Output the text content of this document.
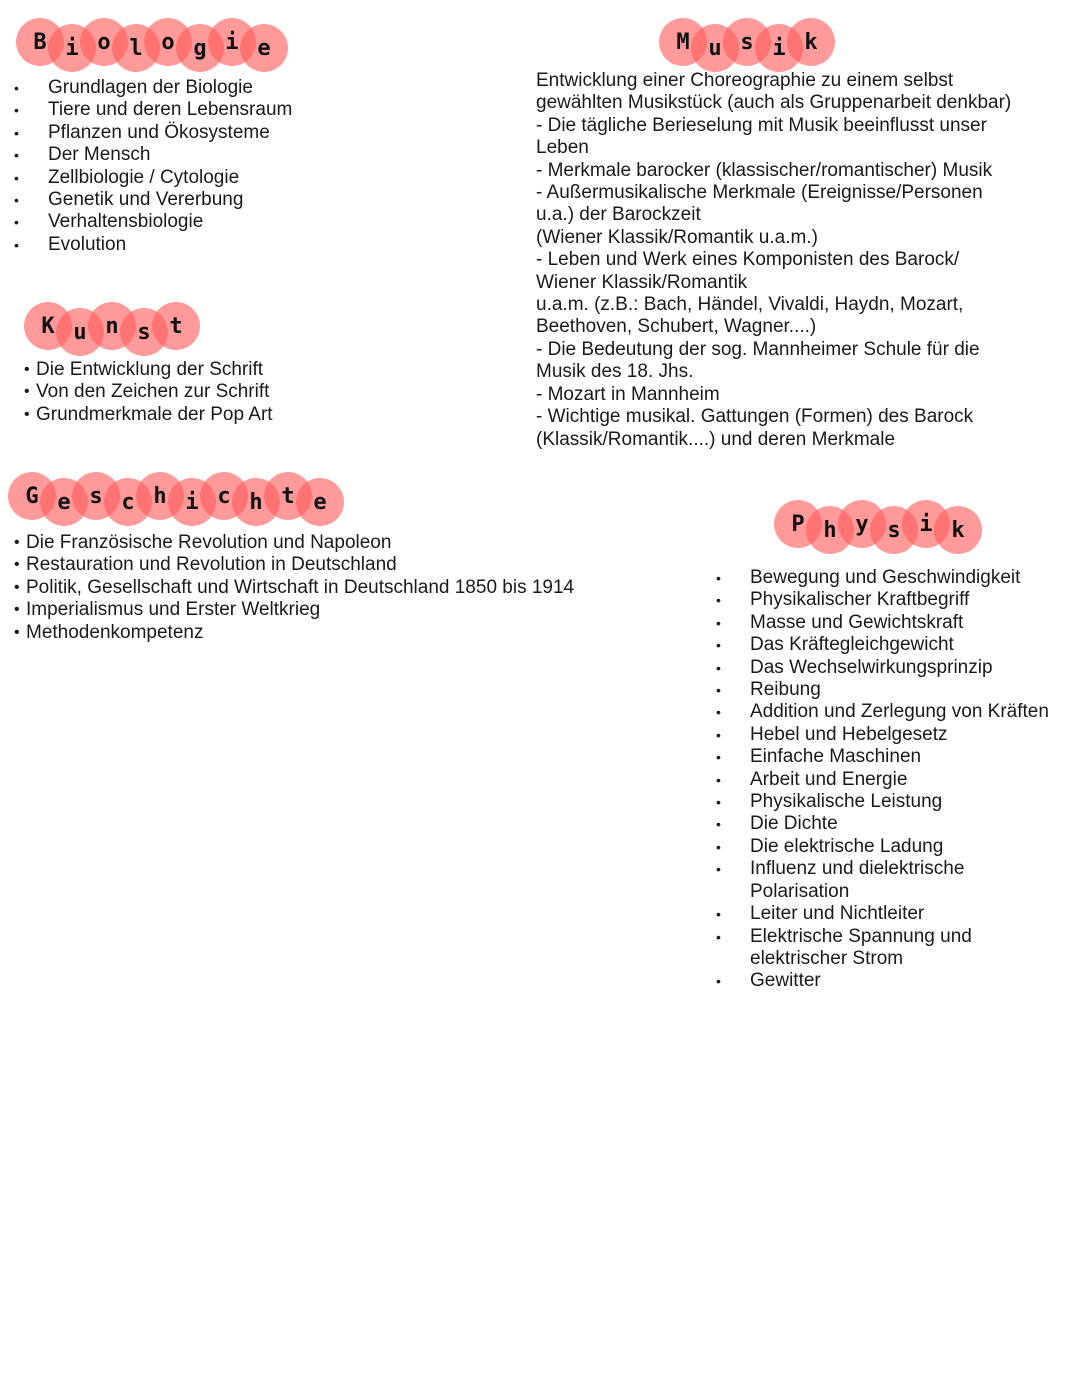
B i o l o g i e
K u n s t
G e s c h i c h t e
M u s i k
P h y s i k
• Grundlagen der Biologie
• Tiere und deren Lebensraum
• Pflanzen und Ökosysteme
• Der Mensch
• Zellbiologie / Cytologie
• Genetik und Vererbung
• Verhaltensbiologie
• Evolution
• Die Entwicklung der Schrift
• Von den Zeichen zur Schrift
• Grundmerkmale der Pop Art
• Die Französische Revolution und Napoleon
• Restauration und Revolution in Deutschland
• Politik, Gesellschaft und Wirtschaft in Deutschland 1850 bis 1914
• Imperialismus und Erster Weltkrieg
• Methodenkompetenz

Entwicklung einer Choreographie zu einem selbst

gewählten Musikstück (auch als Gruppenarbeit denkbar)

- Die tägliche Berieselung mit Musik beeinflusst unser

Leben

- Merkmale barocker (klassischer/romantischer) Musik

- Außermusikalische Merkmale (Ereignisse/Personen

u.a.) der Barockzeit

(Wiener Klassik/Romantik u.a.m.)

- Leben und Werk eines Komponisten des Barock/

Wiener Klassik/Romantik

u.a.m. (z.B.: Bach, Händel, Vivaldi, Haydn, Mozart,

Beethoven, Schubert, Wagner....)

- Die Bedeutung der sog. Mannheimer Schule für die

Musik des 18. Jhs.

- Mozart in Mannheim

- Wichtige musikal. Gattungen (Formen) des Barock

(Klassik/Romantik....) und deren Merkmale

• Bewegung und Geschwindigkeit
• Physikalischer Kraftbegriff
• Masse und Gewichtskraft
• Das Kräftegleichgewicht
• Das Wechselwirkungsprinzip
• Reibung
• Addition und Zerlegung von Kräften
• Hebel und Hebelgesetz
• Einfache Maschinen
• Arbeit und Energie
• Physikalische Leistung
• Die Dichte
• Die elektrische Ladung
• Influenz und dielektrische Polarisation
• Leiter und Nichtleiter
• Elektrische Spannung und elektrischer Strom
• Gewitter
